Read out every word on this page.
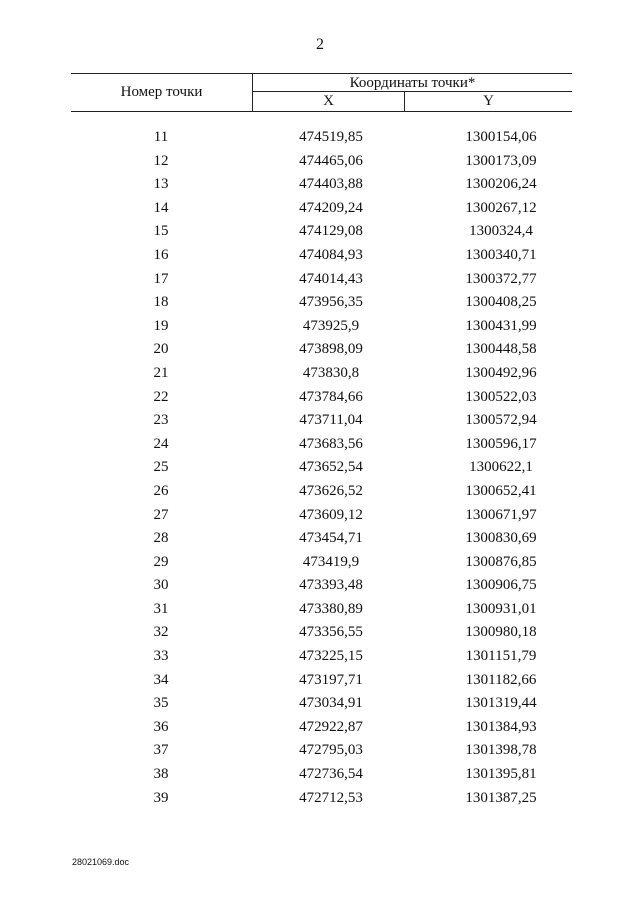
2
Номер точки
Координаты точки*
X	Y
11	474519,85	1300154,06
12	474465,06	1300173,09
13	474403,88	1300206,24
14	474209,24	1300267,12
15	474129,08	1300324,4
16	474084,93	1300340,71
17	474014,43	1300372,77
18	473956,35	1300408,25
19	473925,9	1300431,99
20	473898,09	1300448,58
21	473830,8	1300492,96
22	473784,66	1300522,03
23	473711,04	1300572,94
24	473683,56	1300596,17
25	473652,54	1300622,1
26	473626,52	1300652,41
27	473609,12	1300671,97
28	473454,71	1300830,69
29	473419,9	1300876,85
30	473393,48	1300906,75
31	473380,89	1300931,01
32	473356,55	1300980,18
33	473225,15	1301151,79
34	473197,71	1301182,66
35	473034,91	1301319,44
36	472922,87	1301384,93
37	472795,03	1301398,78
38	472736,54	1301395,81
39	472712,53	1301387,25
28021069.doc
